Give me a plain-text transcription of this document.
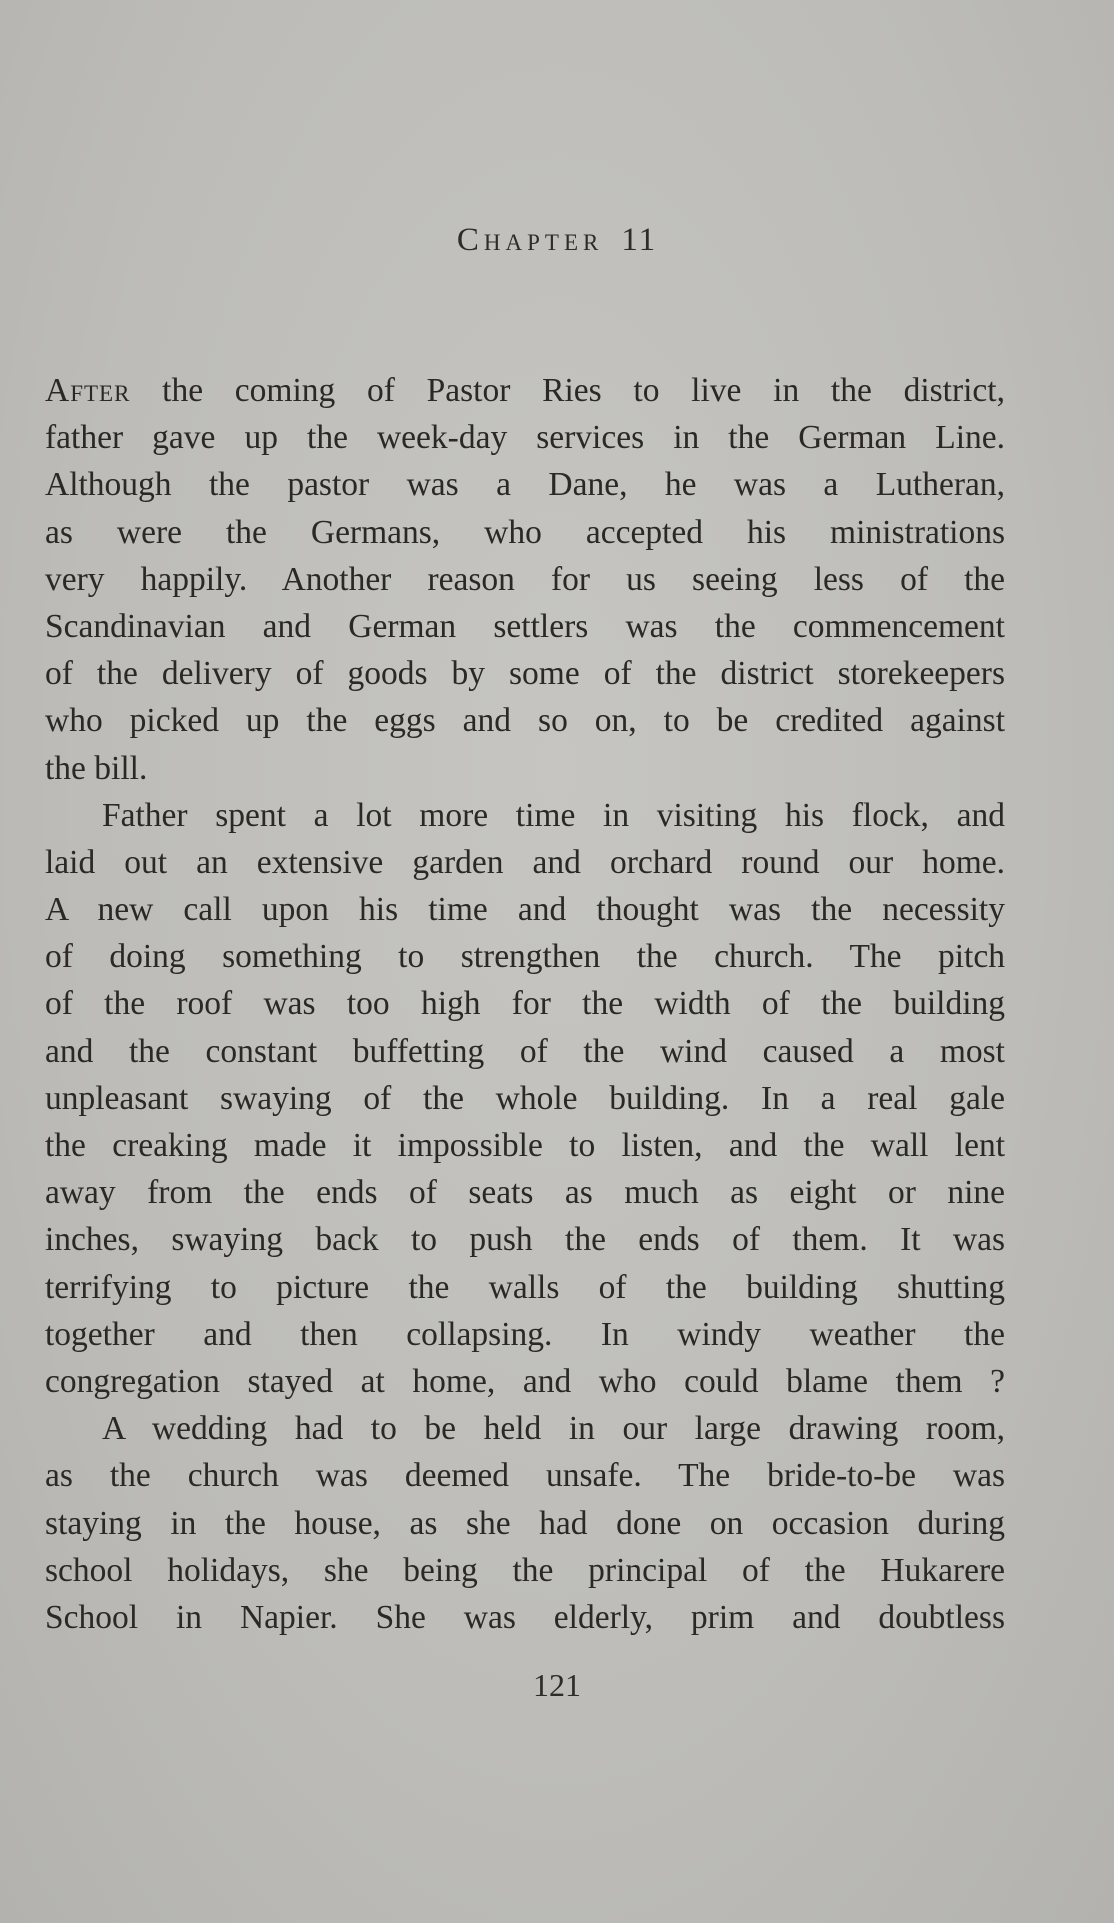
Chapter 11
After the coming of Pastor Ries to live in the district,
father gave up the week-day services in the German Line.
Although the pastor was a Dane, he was a Lutheran,
as were the Germans, who accepted his ministrations
very happily. Another reason for us seeing less of the
Scandinavian and German settlers was the commencement
of the delivery of goods by some of the district storekeepers
who picked up the eggs and so on, to be credited against
the bill.
Father spent a lot more time in visiting his flock, and
laid out an extensive garden and orchard round our home.
A new call upon his time and thought was the necessity
of doing something to strengthen the church. The pitch
of the roof was too high for the width of the building
and the constant buffetting of the wind caused a most
unpleasant swaying of the whole building. In a real gale
the creaking made it impossible to listen, and the wall lent
away from the ends of seats as much as eight or nine
inches, swaying back to push the ends of them. It was
terrifying to picture the walls of the building shutting
together and then collapsing. In windy weather the
congregation stayed at home, and who could blame them ?
A wedding had to be held in our large drawing room,
as the church was deemed unsafe. The bride-to-be was
staying in the house, as she had done on occasion during
school holidays, she being the principal of the Hukarere
School in Napier. She was elderly, prim and doubtless
121
